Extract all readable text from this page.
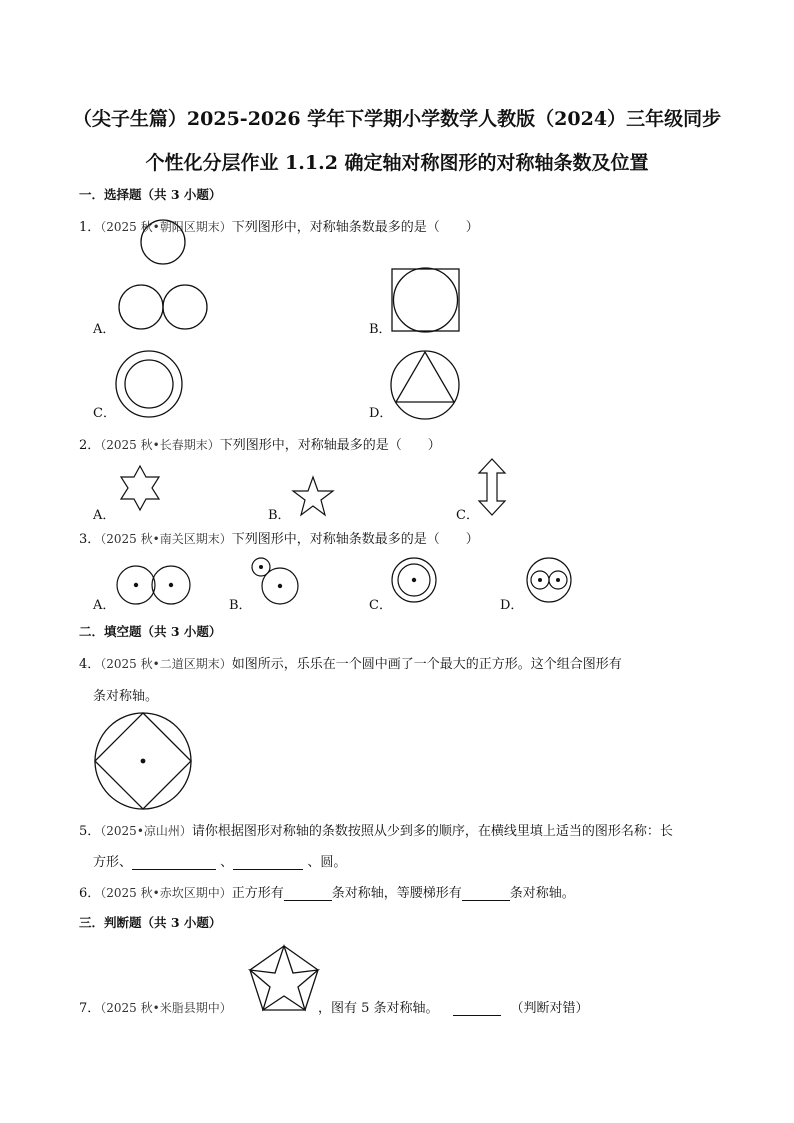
（尖子生篇）2025-2026 学年下学期小学数学人教版（2024）三年级同步
个性化分层作业 1.1.2 确定轴对称图形的对称轴条数及位置
一．选择题（共 3 小题）
1．（2025 秋•朝阳区期末）下列图形中，对称轴条数最多的是（　　）
A．	B．
C．	D．
2．（2025 秋•长春期末）下列图形中，对称轴最多的是（　　）
A．	B．	C．
3．（2025 秋•南关区期末）下列图形中，对称轴条数最多的是（　　）
A．	B．	C．	D．
二．填空题（共 3 小题）
4．（2025 秋•二道区期末）如图所示，乐乐在一个圆中画了一个最大的正方形。这个组合图形有
条对称轴。
5．（2025•凉山州）请你根据图形对称轴的条数按照从少到多的顺序，在横线里填上适当的图形名称：长
方形、	、	、圆。
6．（2025 秋•赤坎区期中）正方形有	条对称轴，等腰梯形有	条对称轴。
三．判断题（共 3 小题）
7．（2025 秋•米脂县期中）	，图有 5 条对称轴。	（判断对错）
